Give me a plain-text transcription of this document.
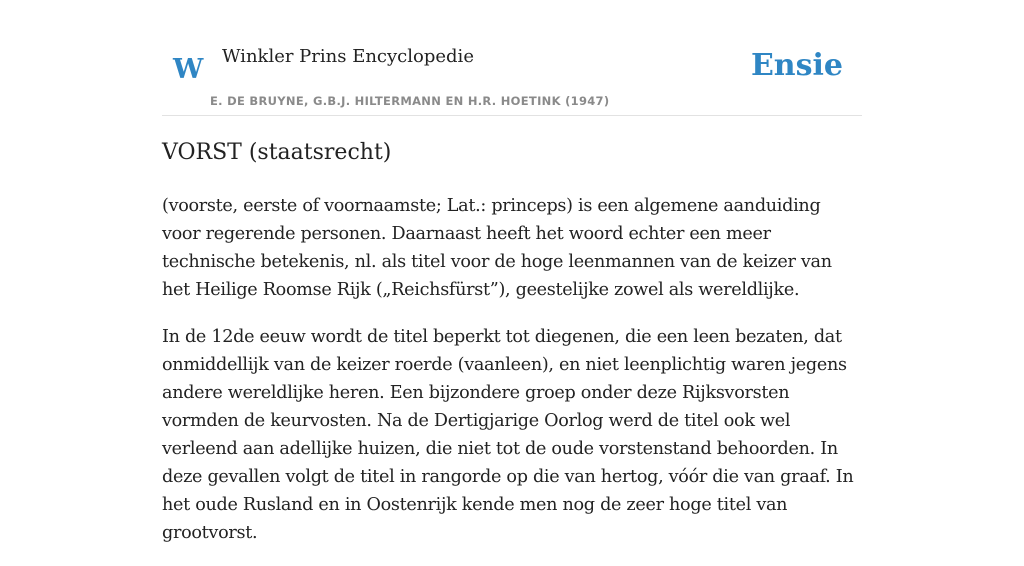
W Winkler Prins Encyclopedie
E. DE BRUYNE, G.B.J. HILTERMANN EN H.R. HOETINK (1947)
Ensie
VORST (staatsrecht)

(voorste, eerste of voornaamste; Lat.: princeps) is een algemene aanduiding voor regerende personen. Daarnaast heeft het woord echter een meer technische betekenis, nl. als titel voor de hoge leenmannen van de keizer van het Heilige Roomse Rijk („Reichsfürst”), geestelijke zowel als wereldlijke.

In de 12de eeuw wordt de titel beperkt tot diegenen, die een leen bezaten, dat onmiddellijk van de keizer roerde (vaanleen), en niet leenplichtig waren jegens andere wereldlijke heren. Een bijzondere groep onder deze Rijksvorsten vormden de keurvosten. Na de Dertigjarige Oorlog werd de titel ook wel verleend aan adellijke huizen, die niet tot de oude vorstenstand behoorden. In deze gevallen volgt de titel in rangorde op die van hertog, vóór die van graaf. In het oude Rusland en in Oostenrijk kende men nog de zeer hoge titel van grootvorst.
